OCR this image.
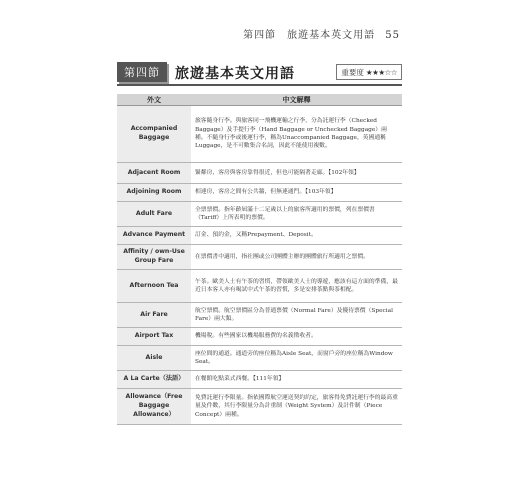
第四節　旅遊基本英文用語 55
第四節	旅遊基本英文用語	重要度 ★★★☆☆
外文	中文解釋
Accompanied Baggage	旅客隨身行李。與旅客同一飛機運輸之行李，分為託運行李（Checked Baggage）及手提行李（Hand Baggage or Unchecked Baggage）兩種。不隨身行李或後運行李，稱為Unaccompanied Baggage，英國通稱Luggage，是不可數集合名詞，因此不能使用複數。
Adjacent Room	緊鄰房，客房與客房靠得很近，但也可能隔著走廊。【102年領】
Adjoining Room	相連房，客房之間有公共牆，但無連通門。【103年領】
Adult Fare	全票票價。指年齡屆滿十二足歲以上的旅客所適用的票價，列在票價書（Tariff）上所表明的票價。
Advance Payment	訂金、預約金，又稱Prepayment、Deposit。
Affinity / own-Use Group Fare	在票價書中適用，指社團或公司團體主辦的團體旅行所適用之票價。
Afternoon Tea	午茶。歐美人士有午茶的習慣，帶領歐美人士的導遊，應該有這方面的準備，最近日本客人亦有喝試中式午茶的習慣，多是安排茶點與茶相配。
Air Fare	航空票價。航空票價區分為普通票價（Normal Fare）及優待票價（Special Fare）兩大類。
Airport Tax	機場稅。有些國家以機場服務費的名義徵收者。
Aisle	座位間的通道。通道旁的座位稱為Aisle Seat，而窗戶旁的座位稱為Window Seat。
A La Carte（法語）	在餐館吃點菜式西餐。【111年領】
Allowance（Free Baggage Allowance）	免費託運行李限量。指依國際航空運送契約約定，旅客得免費託運行李的最高重量及件數，其行李限量分為計重制（Weight System）及計件制（Piece Concept）兩種。
